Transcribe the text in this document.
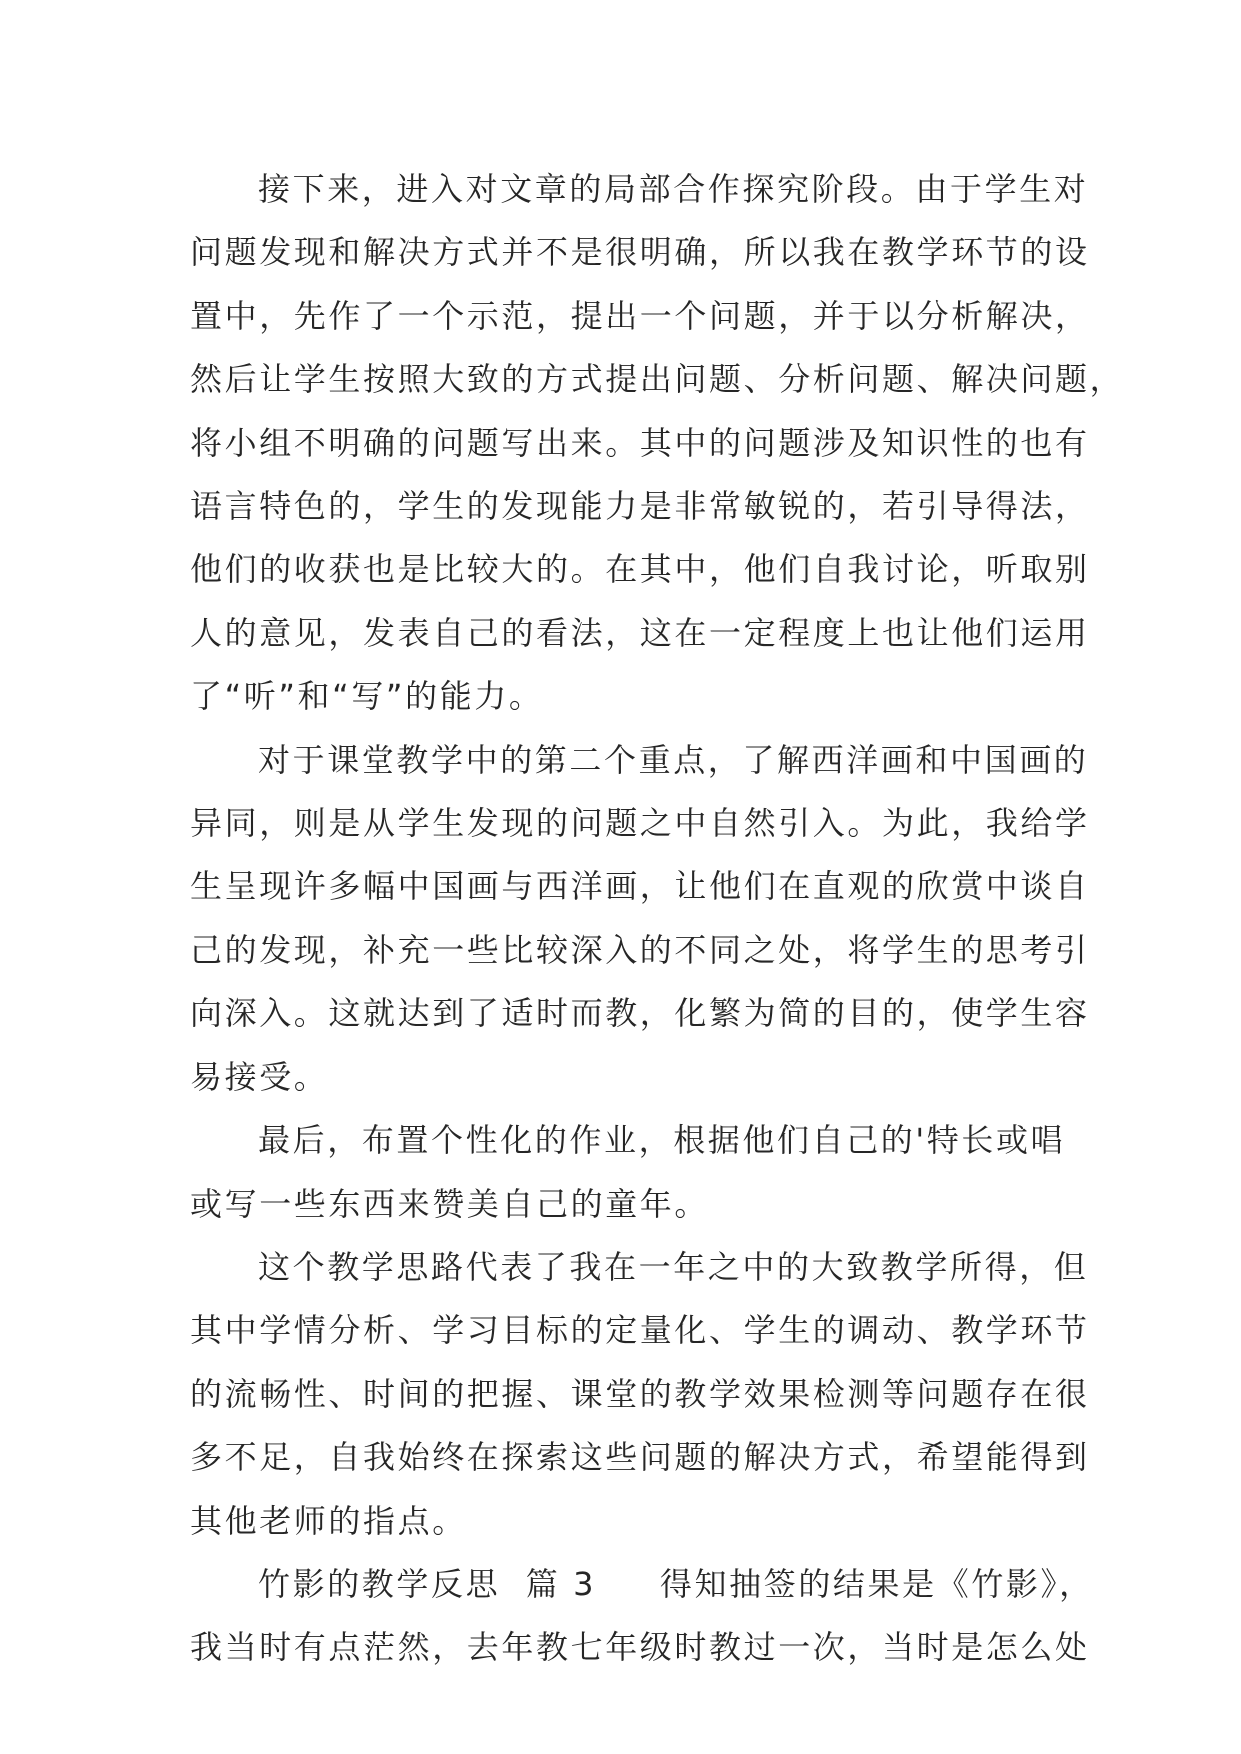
接下来，进入对文章的局部合作探究阶段。由于学生对
问题发现和解决方式并不是很明确，所以我在教学环节的设
置中，先作了一个示范，提出一个问题，并于以分析解决，
然后让学生按照大致的方式提出问题、分析问题、解决问题，
将小组不明确的问题写出来。其中的问题涉及知识性的也有
语言特色的，学生的发现能力是非常敏锐的，若引导得法，
他们的收获也是比较大的。在其中，他们自我讨论，听取别
人的意见，发表自己的看法，这在一定程度上也让他们运用
了“听”和“写”的能力。

对于课堂教学中的第二个重点，了解西洋画和中国画的
异同，则是从学生发现的问题之中自然引入。为此，我给学
生呈现许多幅中国画与西洋画，让他们在直观的欣赏中谈自
己的发现，补充一些比较深入的不同之处，将学生的思考引
向深入。这就达到了适时而教，化繁为简的目的，使学生容
易接受。

最后，布置个性化的作业，根据他们自己的'特长或唱
或写一些东西来赞美自己的童年。

这个教学思路代表了我在一年之中的大致教学所得，但
其中学情分析、学习目标的定量化、学生的调动、教学环节
的流畅性、时间的把握、课堂的教学效果检测等问题存在很
多不足，自我始终在探索这些问题的解决方式，希望能得到
其他老师的指点。

竹影的教学反思  篇 3     得知抽签的结果是《竹影》，
我当时有点茫然，去年教七年级时教过一次，当时是怎么处
